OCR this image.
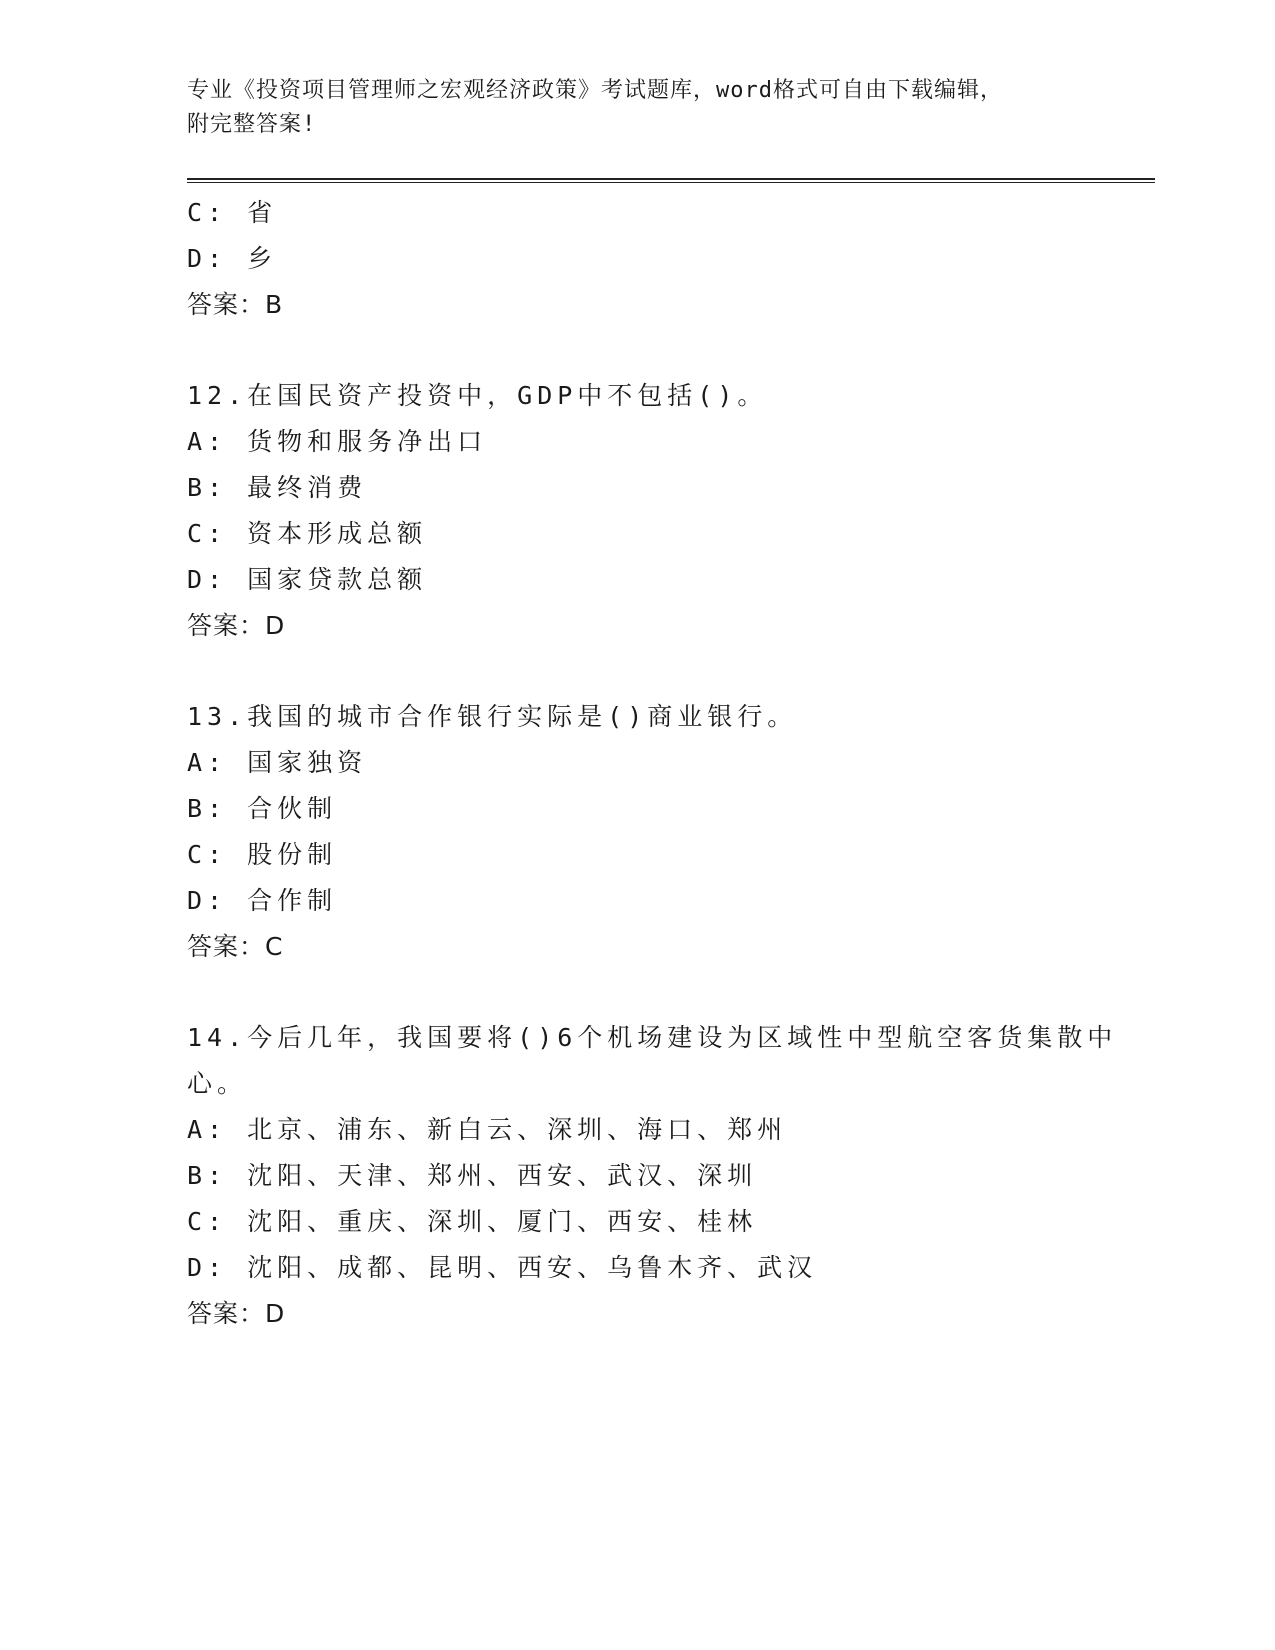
专业《投资项目管理师之宏观经济政策》考试题库，word格式可自由下载编辑，
附完整答案!
C: 省
D: 乡
答案：B
12.在国民资产投资中，GDP中不包括()。
A: 货物和服务净出口
B: 最终消费
C: 资本形成总额
D: 国家贷款总额
答案：D
13.我国的城市合作银行实际是()商业银行。
A: 国家独资
B: 合伙制
C: 股份制
D: 合作制
答案：C
14.今后几年，我国要将()6个机场建设为区域性中型航空客货集散中
心。
A: 北京、浦东、新白云、深圳、海口、郑州
B: 沈阳、天津、郑州、西安、武汉、深圳
C: 沈阳、重庆、深圳、厦门、西安、桂林
D: 沈阳、成都、昆明、西安、乌鲁木齐、武汉
答案：D
